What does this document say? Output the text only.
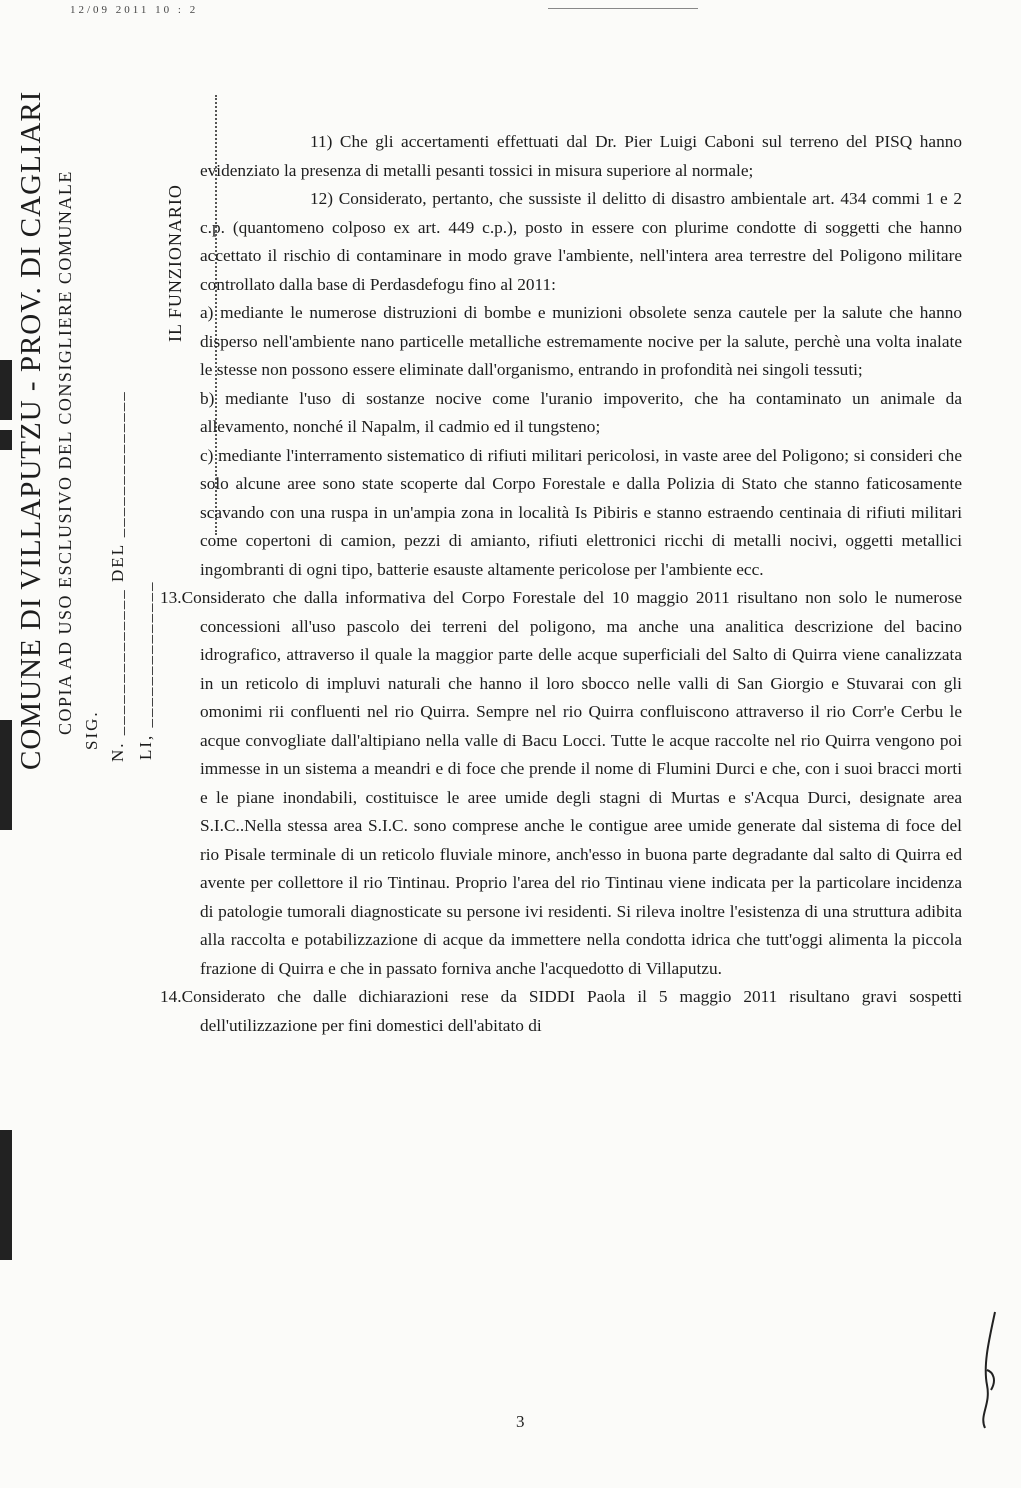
12/09 2011 10 : 2
COMUNE DI VILLAPUTZU - PROV. DI CAGLIARI COPIA AD USO ESCLUSIVO DEL CONSIGLIERE COMUNALE SIG. N. ______________ DEL ______________ LI, ______________
IL FUNZIONARIO

11) Che gli accertamenti effettuati dal Dr. Pier Luigi Caboni sul terreno del PISQ hanno evidenziato la presenza di metalli pesanti tossici in misura superiore al normale;

12) Considerato, pertanto, che sussiste il delitto di disastro ambientale art. 434 commi 1 e 2 c.p. (quantomeno colposo ex art. 449 c.p.), posto in essere con plurime condotte di soggetti che hanno accettato il rischio di contaminare in modo grave l'ambiente, nell'intera area terrestre del Poligono militare controllato dalla base di Perdasdefogu fino al 2011:

a) mediante le numerose distruzioni di bombe e munizioni obsolete senza cautele per la salute che hanno disperso nell'ambiente nano particelle metalliche estremamente nocive per la salute, perchè una volta inalate le stesse non possono essere eliminate dall'organismo, entrando in profondità nei singoli tessuti;

b) mediante l'uso di sostanze nocive come l'uranio impoverito, che ha contaminato un animale da allevamento, nonché il Napalm, il cadmio ed il tungsteno;

c) mediante l'interramento sistematico di rifiuti militari pericolosi, in vaste aree del Poligono; si consideri che solo alcune aree sono state scoperte dal Corpo Forestale e dalla Polizia di Stato che stanno faticosamente scavando con una ruspa in un'ampia zona in località Is Pibiris e stanno estraendo centinaia di rifiuti militari come copertoni di camion, pezzi di amianto, rifiuti elettronici ricchi di metalli nocivi, oggetti metallici ingombranti di ogni tipo, batterie esauste altamente pericolose per l'ambiente ecc.

13.Considerato che dalla informativa del Corpo Forestale del 10 maggio 2011 risultano non solo le numerose concessioni all'uso pascolo dei terreni del poligono, ma anche una analitica descrizione del bacino idrografico, attraverso il quale la maggior parte delle acque superficiali del Salto di Quirra viene canalizzata in un reticolo di impluvi naturali che hanno il loro sbocco nelle valli di San Giorgio e Stuvarai con gli omonimi rii confluenti nel rio Quirra. Sempre nel rio Quirra confluiscono attraverso il rio Corr'e Cerbu le acque convogliate dall'altipiano nella valle di Bacu Locci. Tutte le acque raccolte nel rio Quirra vengono poi immesse in un sistema a meandri e di foce che prende il nome di Flumini Durci e che, con i suoi bracci morti e le piane inondabili, costituisce le aree umide degli stagni di Murtas e s'Acqua Durci, designate area S.I.C..Nella stessa area S.I.C. sono comprese anche le contigue aree umide generate dal sistema di foce del rio Pisale terminale di un reticolo fluviale minore, anch'esso in buona parte degradante dal salto di Quirra ed avente per collettore il rio Tintinau. Proprio l'area del rio Tintinau viene indicata per la particolare incidenza di patologie tumorali diagnosticate su persone ivi residenti. Si rileva inoltre l'esistenza di una struttura adibita alla raccolta e potabilizzazione di acque da immettere nella condotta idrica che tutt'oggi alimenta la piccola frazione di Quirra e che in passato forniva anche l'acquedotto di Villaputzu.

14.Considerato che dalle dichiarazioni rese da SIDDI Paola il 5 maggio 2011 risultano gravi sospetti dell'utilizzazione per fini domestici dell'abitato di

3
